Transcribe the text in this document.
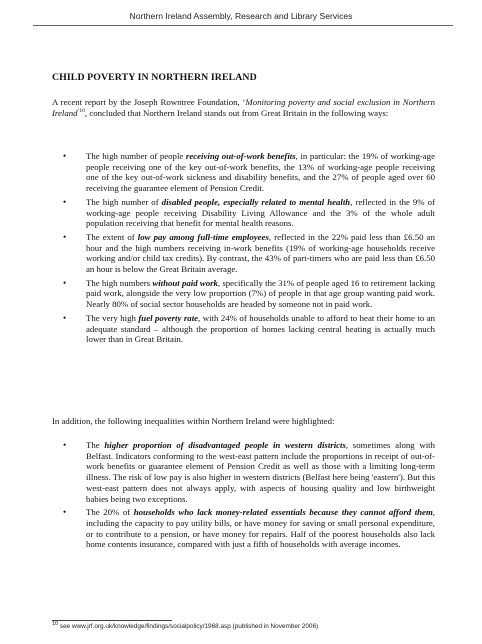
Northern Ireland Assembly, Research and Library Services
CHILD POVERTY IN NORTHERN IRELAND
A recent report by the Joseph Rowntree Foundation, ‘Monitoring poverty and social exclusion in Northern Ireland$^{’10}$, concluded that Northern Ireland stands out from Great Britain in the following ways:
• The high number of people receiving out-of-work benefits, in particular: the 19% of working-age people receiving one of the key out-of-work benefits, the 13% of working-age people receiving one of the key out-of-work sickness and disability benefits, and the 27% of people aged over 60 receiving the guarantee element of Pension Credit.
• The high number of disabled people, especially related to mental health, reflected in the 9% of working-age people receiving Disability Living Allowance and the 3% of the whole adult population receiving that benefit for mental health reasons.
• The extent of low pay among full-time employees, reflected in the 22% paid less than £6.50 an hour and the high numbers receiving in-work benefits (19% of working-age households receive working and/or child tax credits). By contrast, the 43% of part-timers who are paid less than £6.50 an hour is below the Great Britain average.
• The high numbers without paid work, specifically the 31% of people aged 16 to retirement lacking paid work, alongside the very low proportion (7%) of people in that age group wanting paid work. Nearly 80% of social sector households are headed by someone not in paid work.
• The very high fuel poverty rate, with 24% of households unable to afford to heat their home to an adequate standard – although the proportion of homes lacking central heating is actually much lower than in Great Britain.
In addition, the following inequalities within Northern Ireland were highlighted:
• The higher proportion of disadvantaged people in western districts, sometimes along with Belfast. Indicators conforming to the west-east pattern include the proportions in receipt of out-of-work benefits or guarantee element of Pension Credit as well as those with a limiting long-term illness. The risk of low pay is also higher in western districts (Belfast here being 'eastern'). But this west-east pattern does not always apply, with aspects of housing quality and low birthweight babies being two exceptions.
• The 20% of households who lack money-related essentials because they cannot afford them, including the capacity to pay utility bills, or have money for saving or small personal expenditure, or to contribute to a pension, or have money for repairs. Half of the poorest households also lack home contents insurance, compared with just a fifth of households with average incomes.
$^{10}$ see www.jrf.org.uk/knowledge/findings/socialpolicy/1968.asp (published in November 2006)
